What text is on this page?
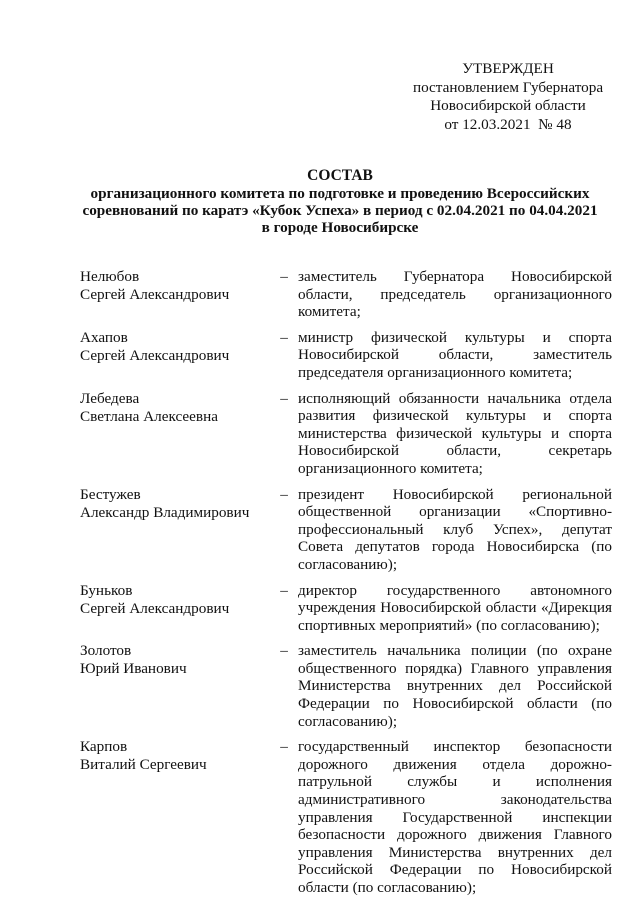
УТВЕРЖДЕН
постановлением Губернатора
Новосибирской области
от 12.03.2021  № 48
СОСТАВ
организационного комитета по подготовке и проведению Всероссийских
соревнований по каратэ «Кубок Успеха» в период с 02.04.2021 по 04.04.2021
в городе Новосибирске
Нелюбов
Сергей Александрович
– заместитель Губернатора Новосибирской области, председатель организационного комитета;
Ахапов
Сергей Александрович
– министр физической культуры и спорта Новосибирской области, заместитель председателя организационного комитета;
Лебедева
Светлана Алексеевна
– исполняющий обязанности начальника отдела развития физической культуры и спорта министерства физической культуры и спорта Новосибирской области, секретарь организационного комитета;
Бестужев
Александр Владимирович
– президент Новосибирской региональной общественной организации «Спортивно-профессиональный клуб Успех», депутат Совета депутатов города Новосибирска (по согласованию);
Буньков
Сергей Александрович
– директор государственного автономного учреждения Новосибирской области «Дирекция спортивных мероприятий» (по согласованию);
Золотов
Юрий Иванович
– заместитель начальника полиции (по охране общественного порядка) Главного управления Министерства внутренних дел Российской Федерации по Новосибирской области (по согласованию);
Карпов
Виталий Сергеевич
– государственный инспектор безопасности дорожного движения отдела дорожно-патрульной службы и исполнения административного законодательства управления Государственной инспекции безопасности дорожного движения Главного управления Министерства внутренних дел Российской Федерации по Новосибирской области (по согласованию);
